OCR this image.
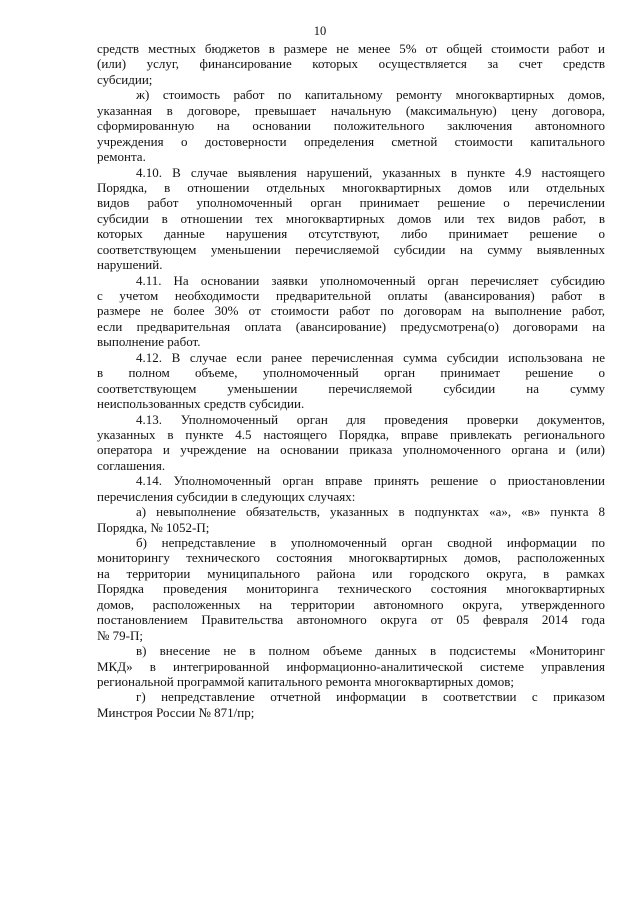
10
средств местных бюджетов в размере не менее 5% от общей стоимости работ и
(или) услуг, финансирование которых осуществляется за счет средств
субсидии;
ж) стоимость работ по капитальному ремонту многоквартирных домов,
указанная в договоре, превышает начальную (максимальную) цену договора,
сформированную на основании положительного заключения автономного
учреждения о достоверности определения сметной стоимости капитального
ремонта.
4.10. В случае выявления нарушений, указанных в пункте 4.9 настоящего
Порядка, в отношении отдельных многоквартирных домов или отдельных
видов работ уполномоченный орган принимает решение о перечислении
субсидии в отношении тех многоквартирных домов или тех видов работ, в
которых данные нарушения отсутствуют, либо принимает решение о
соответствующем уменьшении перечисляемой субсидии на сумму выявленных
нарушений.
4.11. На основании заявки уполномоченный орган перечисляет субсидию
с учетом необходимости предварительной оплаты (авансирования) работ в
размере не более 30% от стоимости работ по договорам на выполнение работ,
если предварительная оплата (авансирование) предусмотрена(о) договорами на
выполнение работ.
4.12. В случае если ранее перечисленная сумма субсидии использована не
в полном объеме, уполномоченный орган принимает решение о
соответствующем уменьшении перечисляемой субсидии на сумму
неиспользованных средств субсидии.
4.13. Уполномоченный орган для проведения проверки документов,
указанных в пункте 4.5 настоящего Порядка, вправе привлекать регионального
оператора и учреждение на основании приказа уполномоченного органа и (или)
соглашения.
4.14. Уполномоченный орган вправе принять решение о приостановлении
перечисления субсидии в следующих случаях:
а) невыполнение обязательств, указанных в подпунктах «а», «в» пункта 8
Порядка, № 1052-П;
б) непредставление в уполномоченный орган сводной информации по
мониторингу технического состояния многоквартирных домов, расположенных
на территории муниципального района или городского округа, в рамках
Порядка проведения мониторинга технического состояния многоквартирных
домов, расположенных на территории автономного округа, утвержденного
постановлением Правительства автономного округа от 05 февраля 2014 года
№ 79-П;
в) внесение не в полном объеме данных в подсистемы «Мониторинг
МКД» в интегрированной информационно-аналитической системе управления
региональной программой капитального ремонта многоквартирных домов;
г) непредставление отчетной информации в соответствии с приказом
Минстроя России № 871/пр;
